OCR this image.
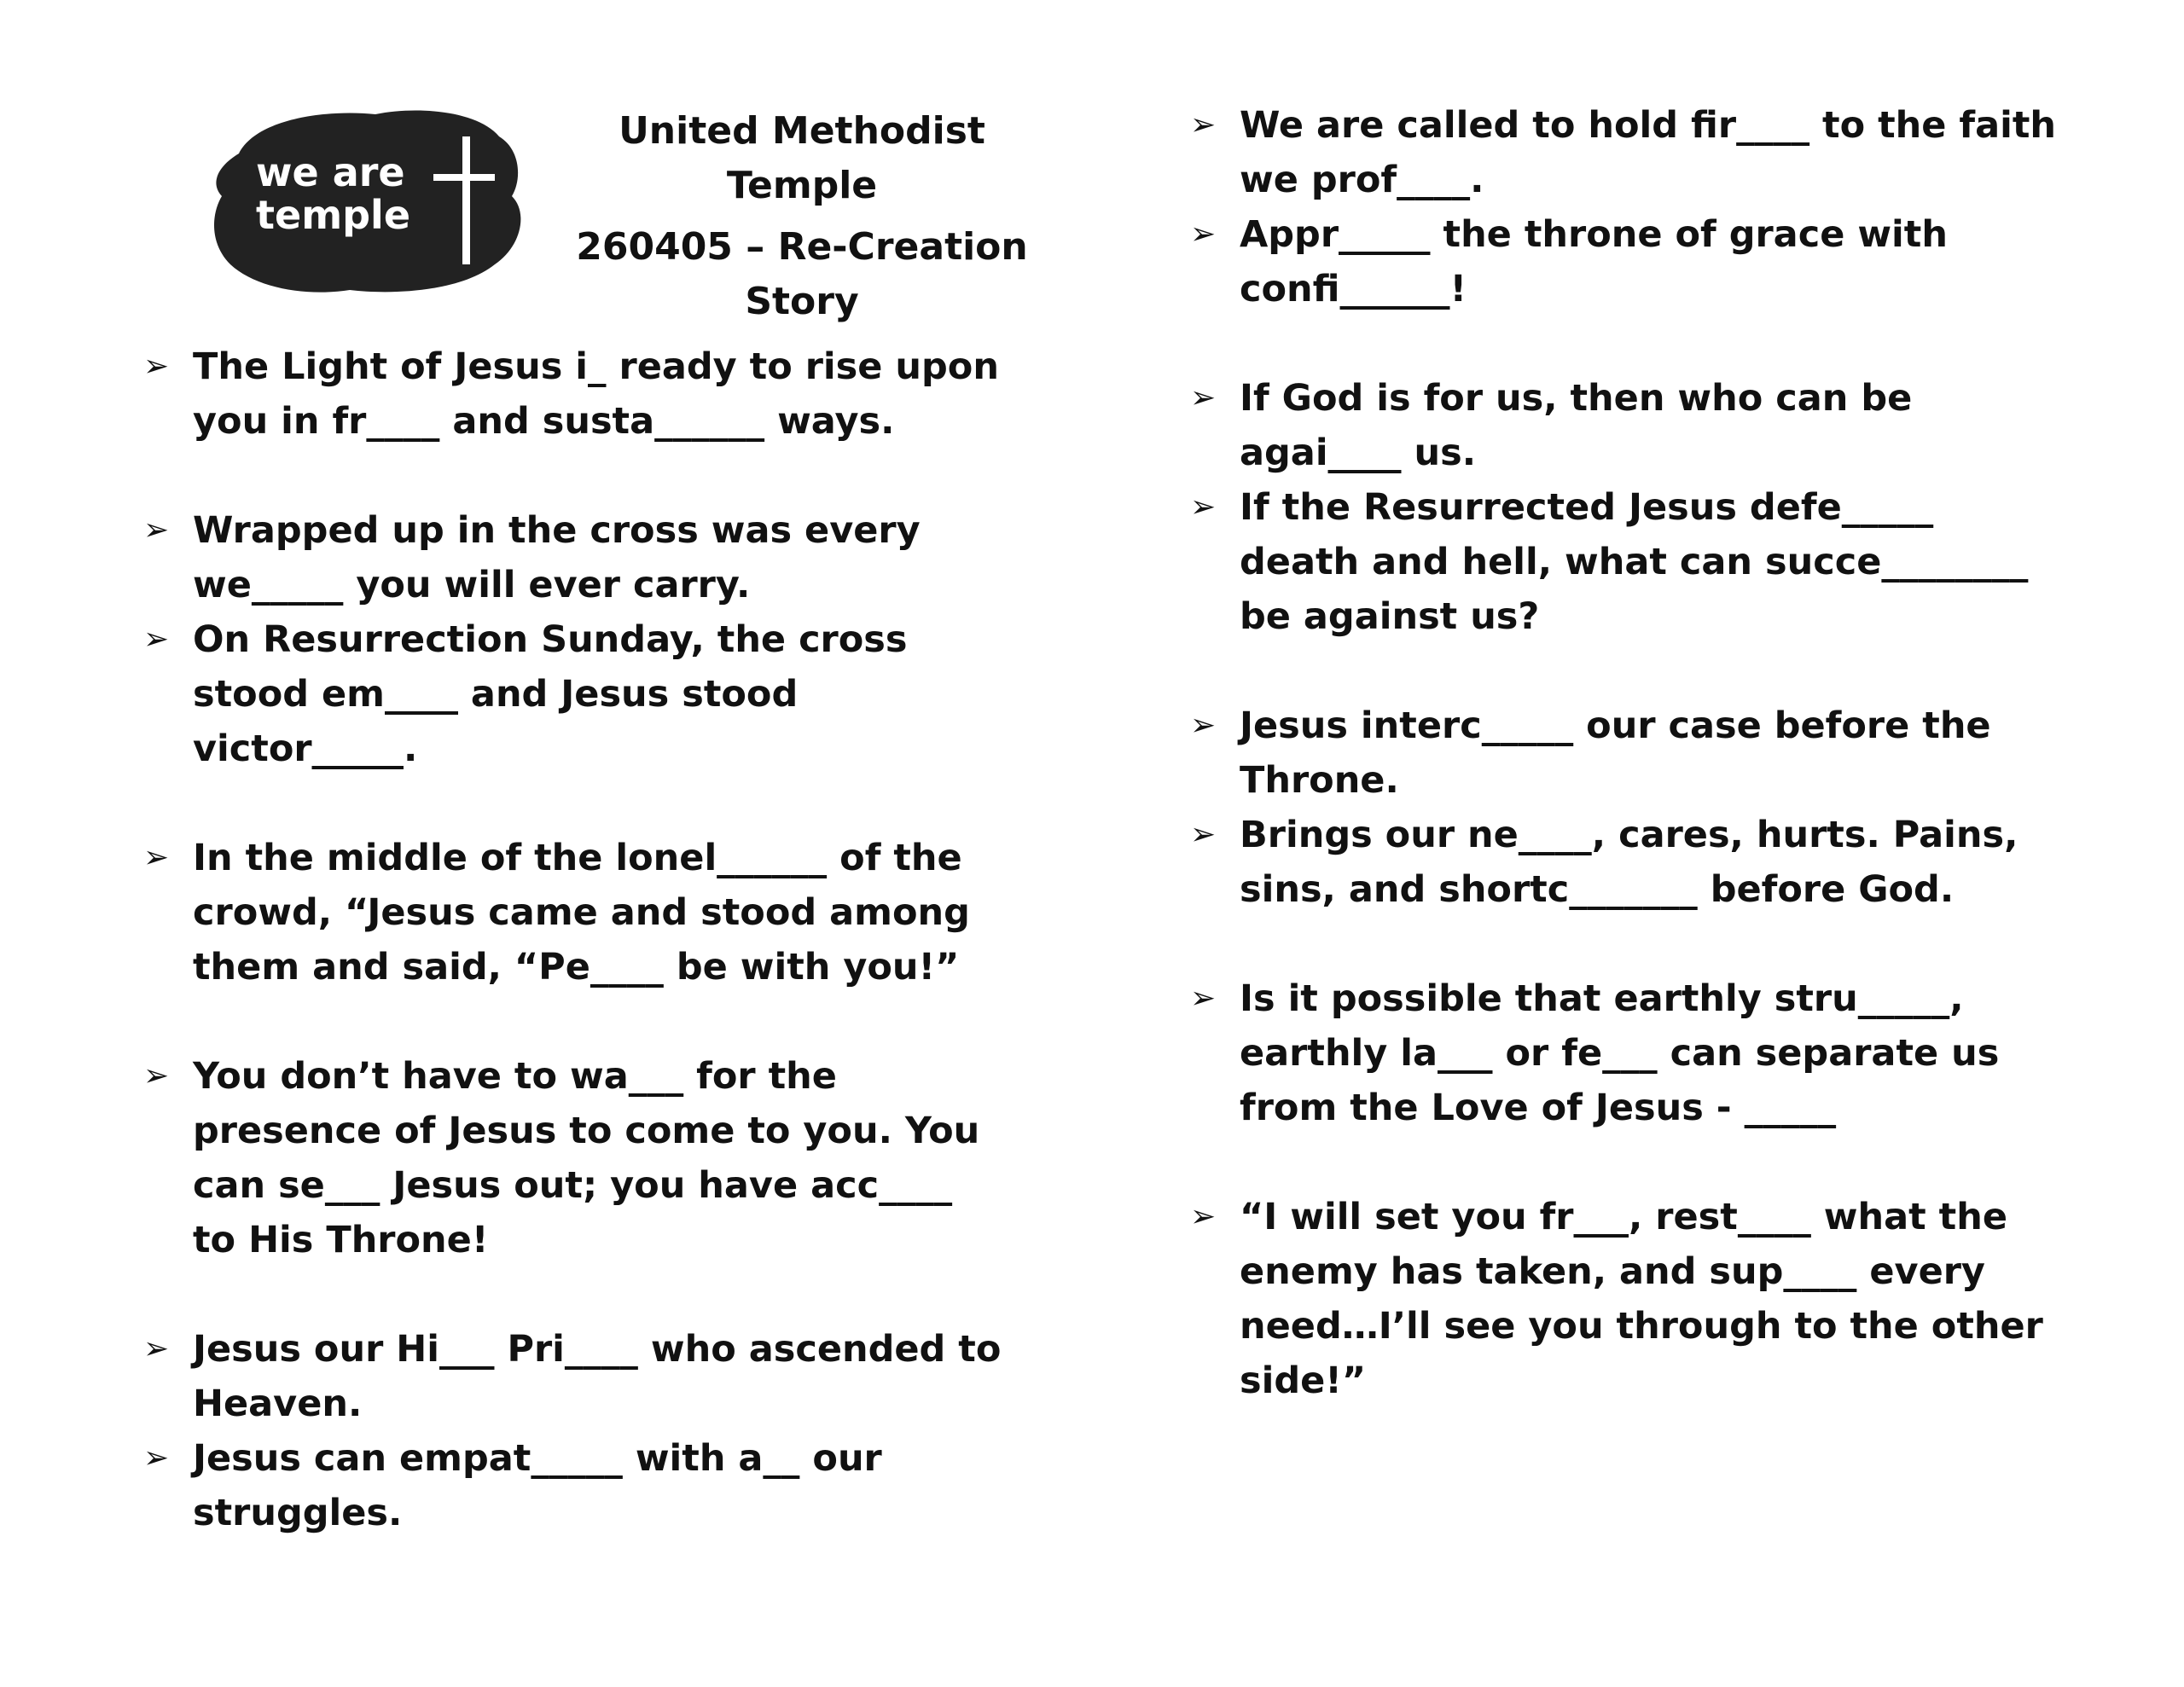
we are
temple
United Methodist
Temple
260405 – Re-Creation
Story
➢ The Light of Jesus i_ ready to rise upon
you in fr____ and susta______ ways.
➢ Wrapped up in the cross was every
we_____ you will ever carry.
➢ On Resurrection Sunday, the cross
stood em____ and Jesus stood
victor_____.
➢ In the middle of the lonel______ of the
crowd, “Jesus came and stood among
them and said, “Pe____ be with you!”
➢ You don’t have to wa___ for the
presence of Jesus to come to you. You
can se___ Jesus out; you have acc____
to His Throne!
➢ Jesus our Hi___ Pri____ who ascended to
Heaven.
➢ Jesus can empat_____ with a__ our
struggles.
➢ We are called to hold fir____ to the faith
we prof____.
➢ Appr_____ the throne of grace with
confi______!
➢ If God is for us, then who can be
agai____ us.
➢ If the Resurrected Jesus defe_____
death and hell, what can succe________
be against us?
➢ Jesus interc_____ our case before the
Throne.
➢ Brings our ne____, cares, hurts. Pains,
sins, and shortc_______ before God.
➢ Is it possible that earthly stru_____,
earthly la___ or fe___ can separate us
from the Love of Jesus - _____
➢ “I will set you fr___, rest____ what the
enemy has taken, and sup____ every
need…I’ll see you through to the other
side!”
